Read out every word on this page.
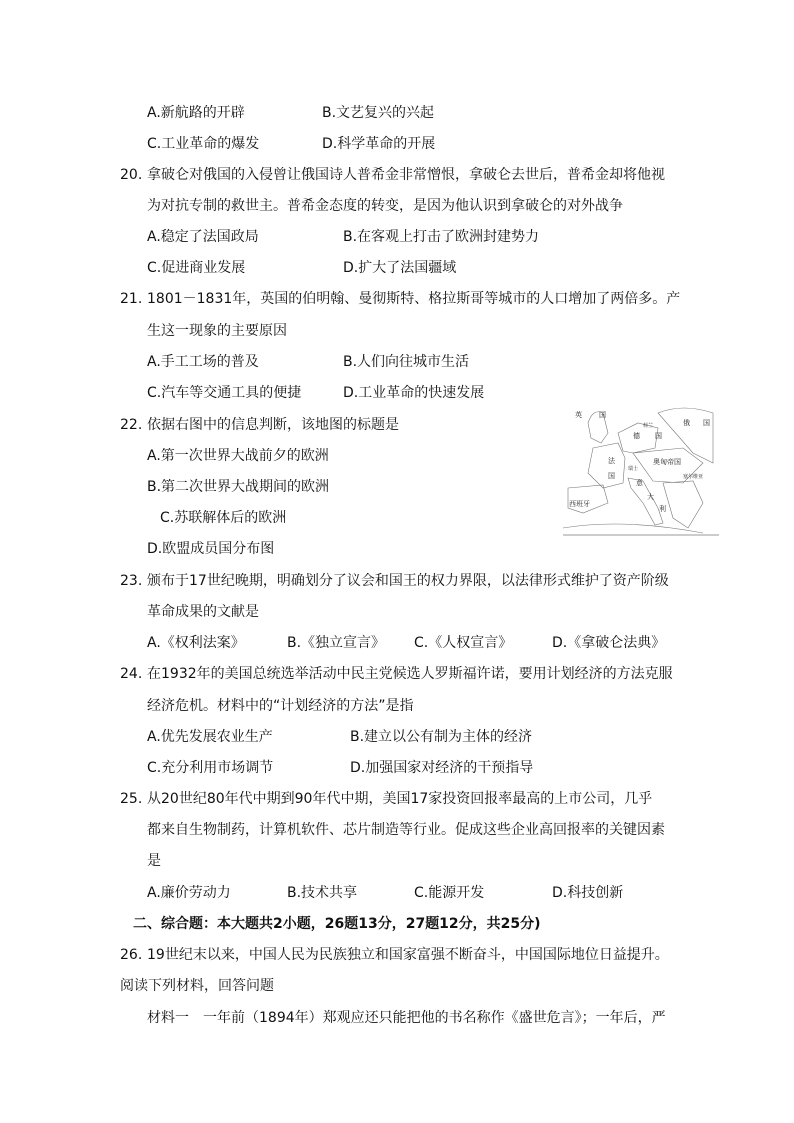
A.新航路的开辟	B.文艺复兴的兴起
C.工业革命的爆发	D.科学革命的开展
20. 拿破仑对俄国的入侵曾让俄国诗人普希金非常憎恨，拿破仑去世后，普希金却将他视
为对抗专制的救世主。普希金态度的转变，是因为他认识到拿破仑的对外战争
A.稳定了法国政局	B.在客观上打击了欧洲封建势力
C.促进商业发展	D.扩大了法国疆域
21. 1801－1831年，英国的伯明翰、曼彻斯特、格拉斯哥等城市的人口增加了两倍多。产
生这一现象的主要原因
A.手工工场的普及	B.人们向往城市生活
C.汽车等交通工具的便捷	D.工业革命的快速发展
22. 依据右图中的信息判断，该地图的标题是
A.第一次世界大战前夕的欧洲
B.第二次世界大战期间的欧洲
C.苏联解体后的欧洲
D.欧盟成员国分布图
英 国
俄 国
荷兰
德 国
法
国
奥匈帝国
瑞士
意
大
利
西班牙
塞尔维亚
23. 颁布于17世纪晚期，明确划分了议会和国王的权力界限，以法律形式维护了资产阶级
革命成果的文献是
A.《权利法案》	B.《独立宣言》 C.《人权宣言》	D.《拿破仑法典》
24. 在1932年的美国总统选举活动中民主党候选人罗斯福许诺，要用计划经济的方法克服
经济危机。材料中的“计划经济的方法”是指
A.优先发展农业生产	B.建立以公有制为主体的经济
C.充分利用市场调节	D.加强国家对经济的干预指导
25. 从20世纪80年代中期到90年代中期，美国17家投资回报率最高的上市公司，几乎
都来自生物制药，计算机软件、芯片制造等行业。促成这些企业高回报率的关键因素
是
A.廉价劳动力	B.技术共享	C.能源开发	D.科技创新
二、综合题：本大题共2小题，26题13分，27题12分，共25分)
26. 19世纪末以来，中国人民为民族独立和国家富强不断奋斗，中国国际地位日益提升。
阅读下列材料，回答问题
材料一　一年前（1894年）郑观应还只能把他的书名称作《盛世危言》；一年后，严
